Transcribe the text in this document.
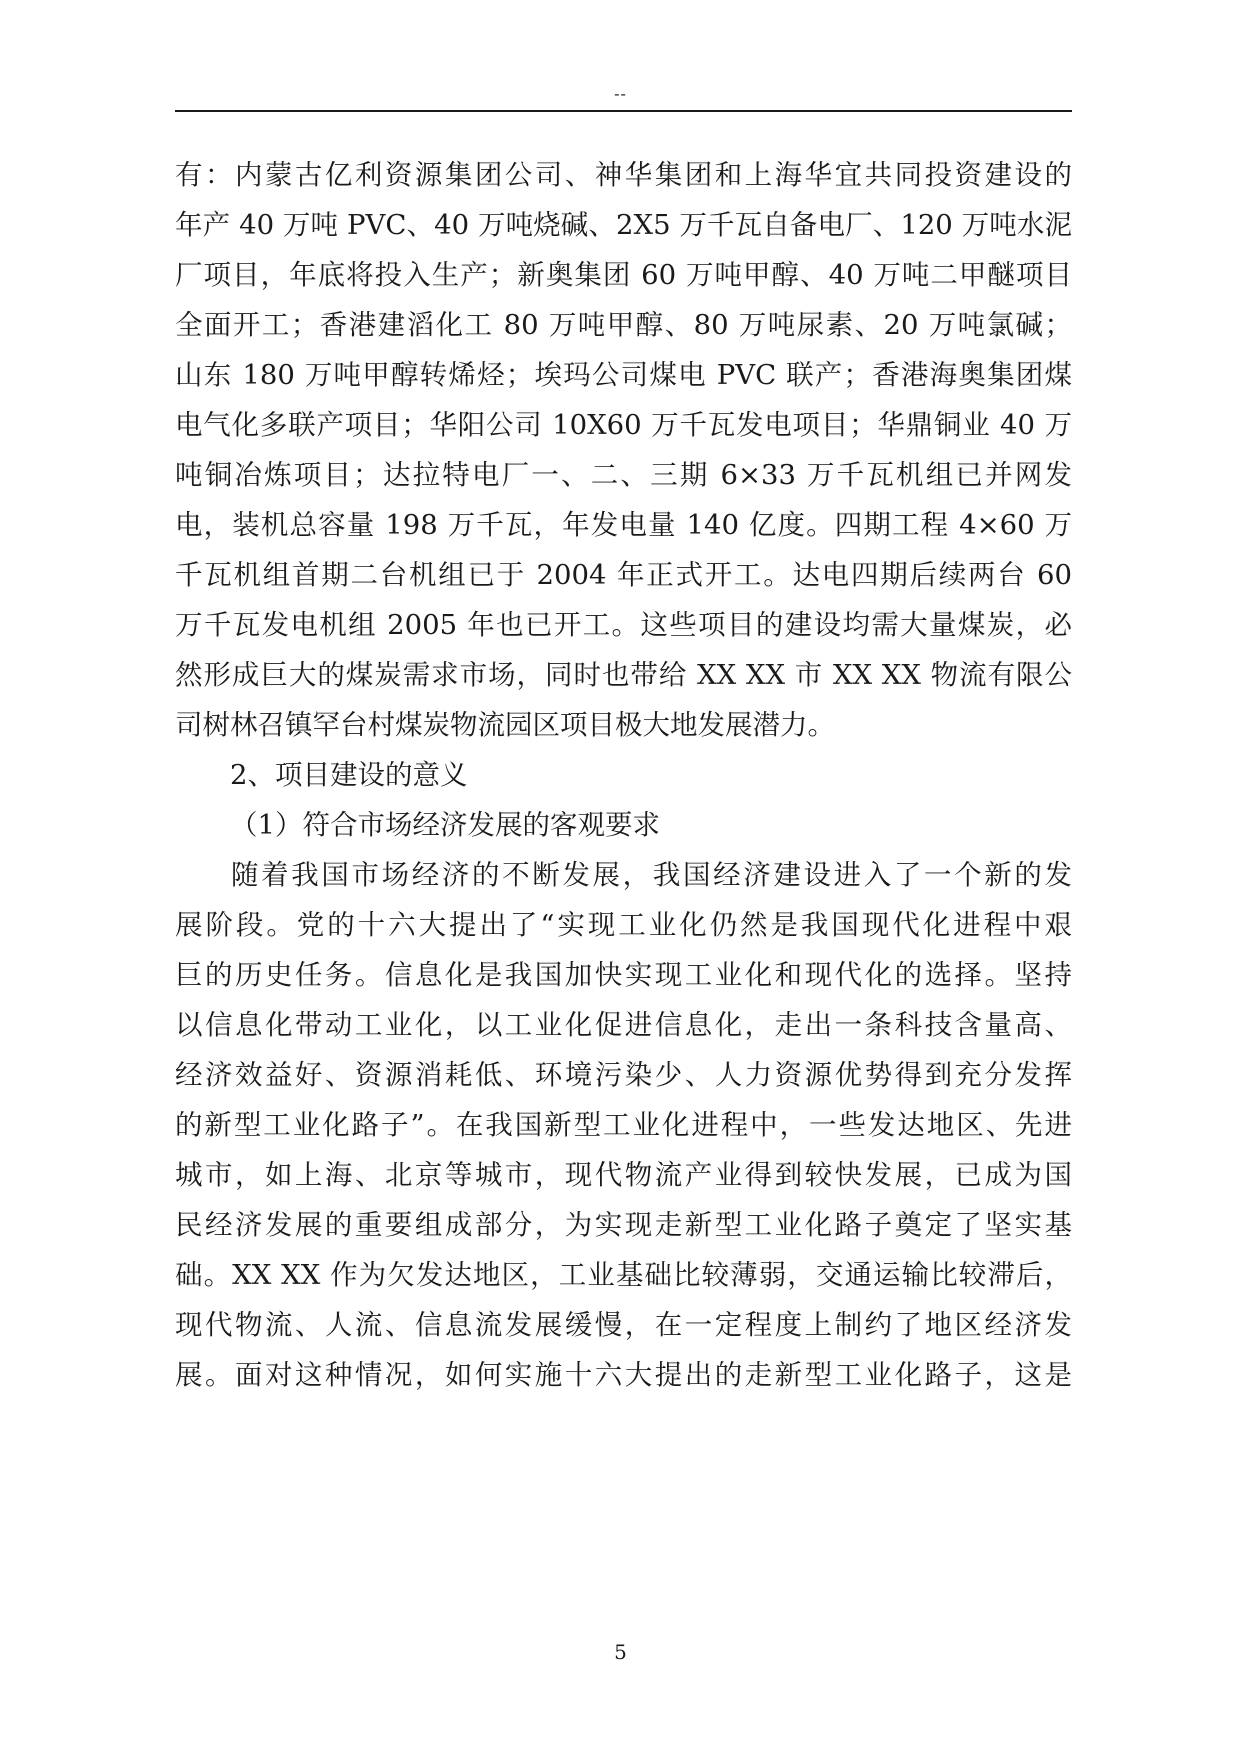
--
有：内蒙古亿利资源集团公司、神华集团和上海华宜共同投资建设的
年产 40 万吨 PVC、40 万吨烧碱、2X5 万千瓦自备电厂、120 万吨水泥
厂项目，年底将投入生产；新奥集团 60 万吨甲醇、40 万吨二甲醚项目
全面开工；香港建滔化工 80 万吨甲醇、80 万吨尿素、20 万吨氯碱；
山东 180 万吨甲醇转烯烃；埃玛公司煤电 PVC 联产；香港海奥集团煤
电气化多联产项目；华阳公司 10X60 万千瓦发电项目；华鼎铜业 40 万
吨铜冶炼项目；达拉特电厂一、二、三期 6×33 万千瓦机组已并网发
电，装机总容量 198 万千瓦，年发电量 140 亿度。四期工程 4×60 万
千瓦机组首期二台机组已于 2004 年正式开工。达电四期后续两台 60
万千瓦发电机组 2005 年也已开工。这些项目的建设均需大量煤炭，必
然形成巨大的煤炭需求市场，同时也带给 XX XX 市 XX XX 物流有限公
司树林召镇罕台村煤炭物流园区项目极大地发展潜力。
2、项目建设的意义
（1）符合市场经济发展的客观要求
随着我国市场经济的不断发展，我国经济建设进入了一个新的发
展阶段。党的十六大提出了“实现工业化仍然是我国现代化进程中艰
巨的历史任务。信息化是我国加快实现工业化和现代化的选择。坚持
以信息化带动工业化，以工业化促进信息化，走出一条科技含量高、
经济效益好、资源消耗低、环境污染少、人力资源优势得到充分发挥
的新型工业化路子”。在我国新型工业化进程中，一些发达地区、先进
城市，如上海、北京等城市，现代物流产业得到较快发展，已成为国
民经济发展的重要组成部分，为实现走新型工业化路子奠定了坚实基
础。XX XX 作为欠发达地区，工业基础比较薄弱，交通运输比较滞后，
现代物流、人流、信息流发展缓慢，在一定程度上制约了地区经济发
展。面对这种情况，如何实施十六大提出的走新型工业化路子，这是
5
